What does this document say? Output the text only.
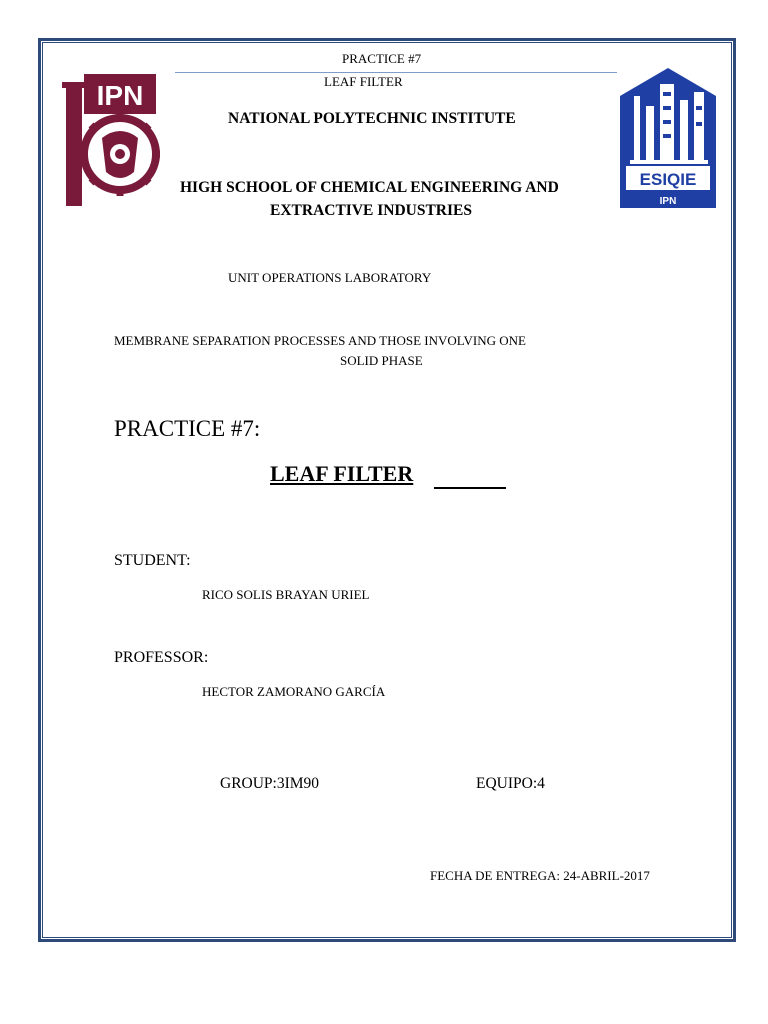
PRACTICE #7
LEAF FILTER
IPN
ESIQIE
IPN
NATIONAL POLYTECHNIC INSTITUTE
HIGH SCHOOL OF CHEMICAL ENGINEERING AND
EXTRACTIVE INDUSTRIES
UNIT OPERATIONS LABORATORY
MEMBRANE SEPARATION PROCESSES AND THOSE INVOLVING ONE
SOLID PHASE
PRACTICE #7:
LEAF FILTER
STUDENT:
RICO SOLIS BRAYAN URIEL
PROFESSOR:
HECTOR ZAMORANO GARCÍA
GROUP:3IM90	EQUIPO:4
FECHA DE ENTREGA: 24-ABRIL-2017
